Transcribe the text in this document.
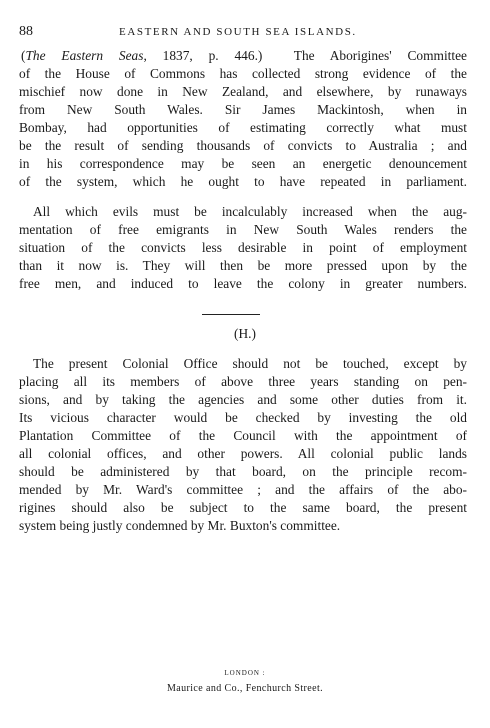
88	EASTERN AND SOUTH SEA ISLANDS.
(The Eastern Seas, 1837, p. 446.)  The Aborigines' Committee
of the House of Commons has collected strong evidence of the
mischief now done in New Zealand, and elsewhere, by runaways
from New South Wales. Sir James Mackintosh, when in
Bombay, had opportunities of estimating correctly what must
be the result of sending thousands of convicts to Australia ; and
in his correspondence may be seen an energetic denouncement
of the system, which he ought to have repeated in parliament.
All which evils must be incalculably increased when the aug-
mentation of free emigrants in New South Wales renders the
situation of the convicts less desirable in point of employment
than it now is. They will then be more pressed upon by the
free men, and induced to leave the colony in greater numbers.
(H.)
The present Colonial Office should not be touched, except by
placing all its members of above three years standing on pen-
sions, and by taking the agencies and some other duties from it.
Its vicious character would be checked by investing the old
Plantation Committee of the Council with the appointment of
all colonial offices, and other powers. All colonial public lands
should be administered by that board, on the principle recom-
mended by Mr. Ward's committee ; and the affairs of the abo-
rigines should also be subject to the same board, the present
system being justly condemned by Mr. Buxton's committee.
LONDON :
Maurice and Co., Fenchurch Street.
